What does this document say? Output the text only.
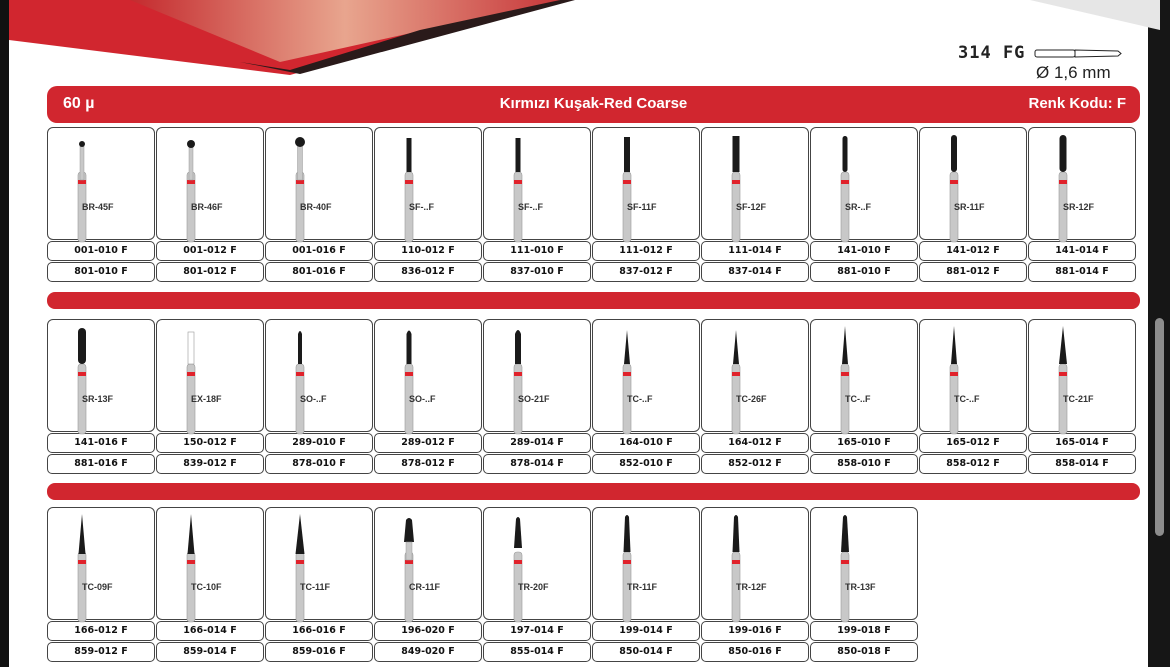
314 FG
Ø 1,6 mm
60 µ	Kırmızı Kuşak-Red Coarse	Renk Kodu: F
BR-45F
001-010 F
801-010 F
BR-46F
001-012 F
801-012 F
BR-40F
001-016 F
801-016 F
SF-..F
110-012 F
836-012 F
SF-..F
111-010 F
837-010 F
SF-11F
111-012 F
837-012 F
SF-12F
111-014 F
837-014 F
SR-..F
141-010 F
881-010 F
SR-11F
141-012 F
881-012 F
SR-12F
141-014 F
881-014 F
SR-13F
141-016 F
881-016 F
EX-18F
150-012 F
839-012 F
SO-..F
289-010 F
878-010 F
SO-..F
289-012 F
878-012 F
SO-21F
289-014 F
878-014 F
TC-..F
164-010 F
852-010 F
TC-26F
164-012 F
852-012 F
TC-..F
165-010 F
858-010 F
TC-..F
165-012 F
858-012 F
TC-21F
165-014 F
858-014 F
TC-09F
166-012 F
859-012 F
TC-10F
166-014 F
859-014 F
TC-11F
166-016 F
859-016 F
CR-11F
196-020 F
849-020 F
TR-20F
197-014 F
855-014 F
TR-11F
199-014 F
850-014 F
TR-12F
199-016 F
850-016 F
TR-13F
199-018 F
850-018 F
